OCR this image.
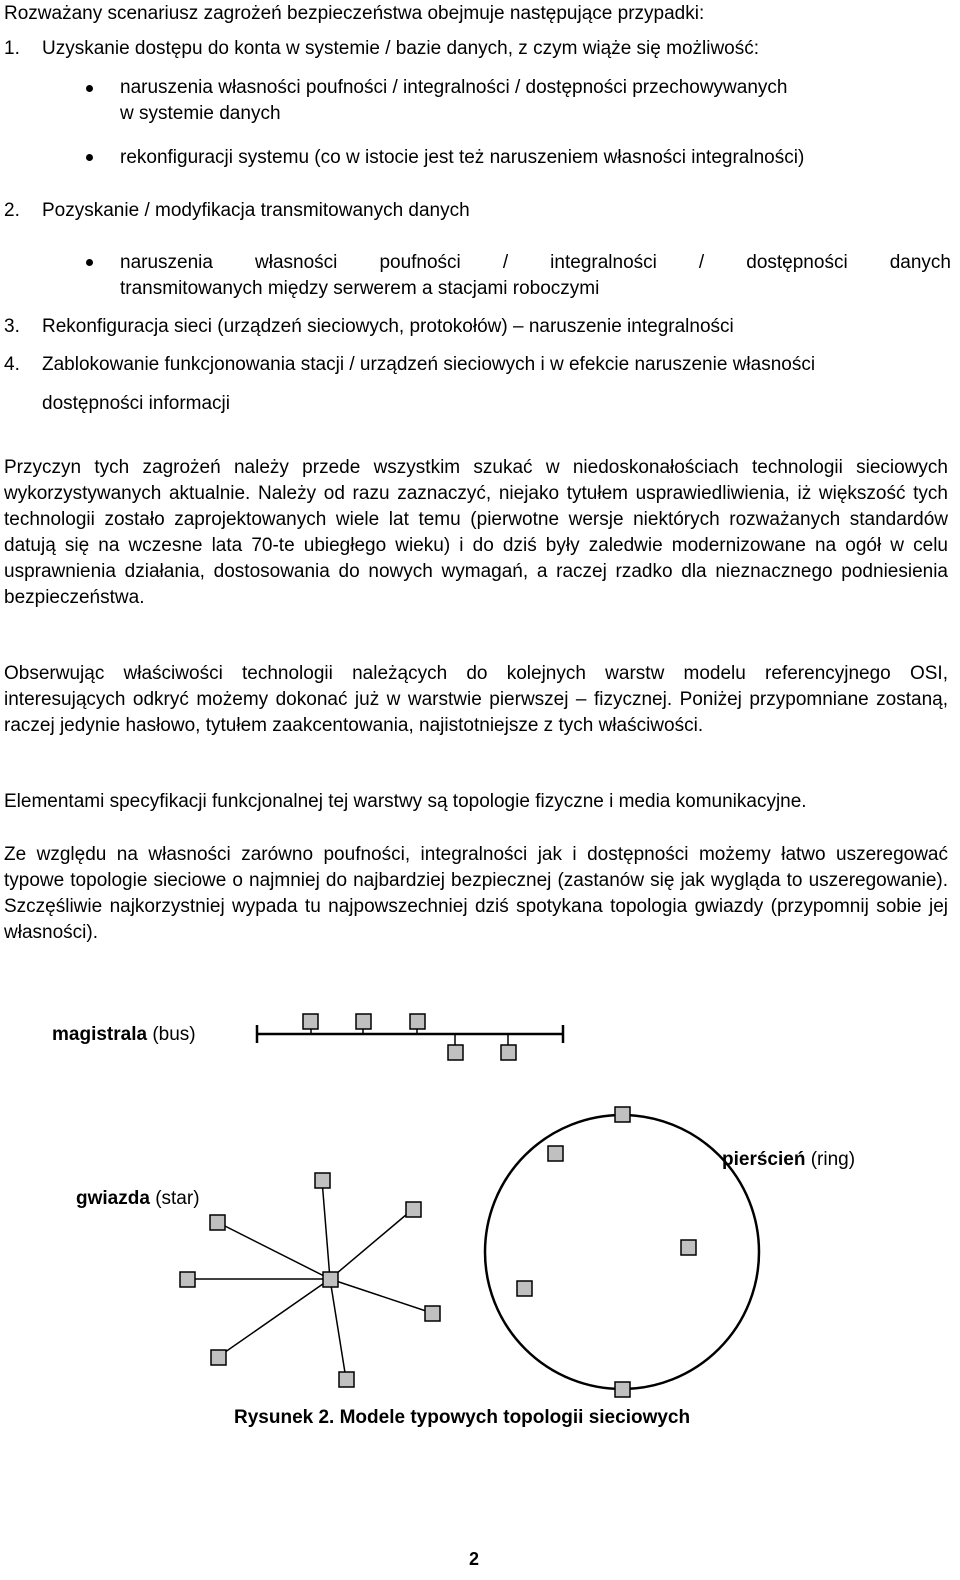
Rozważany scenariusz zagrożeń bezpieczeństwa obejmuje następujące przypadki:
1. Uzyskanie dostępu do konta w systemie / bazie danych, z czym wiąże się możliwość:
naruszenia własności poufności / integralności / dostępności przechowywanych
w systemie danych
rekonfiguracji systemu (co w istocie jest też naruszeniem własności integralności)
2. Pozyskanie / modyfikacja transmitowanych danych
naruszenia własności poufności / integralności / dostępności danych
transmitowanych między serwerem a stacjami roboczymi
3. Rekonfiguracja sieci (urządzeń sieciowych, protokołów) – naruszenie integralności
4. Zablokowanie funkcjonowania stacji / urządzeń sieciowych i w efekcie naruszenie własności
dostępności informacji

Przyczyn tych zagrożeń należy przede wszystkim szukać w niedoskonałościach technologii sieciowych wykorzystywanych aktualnie. Należy od razu zaznaczyć, niejako tytułem usprawiedliwienia, iż większość tych technologii zostało zaprojektowanych wiele lat temu (pierwotne wersje niektórych rozważanych standardów datują się na wczesne lata 70-te ubiegłego wieku) i do dziś były zaledwie modernizowane na ogół w celu usprawnienia działania, dostosowania do nowych wymagań, a raczej rzadko dla nieznacznego podniesienia bezpieczeństwa.

Obserwując właściwości technologii należących do kolejnych warstw modelu referencyjnego OSI, interesujących odkryć możemy dokonać już w warstwie pierwszej – fizycznej. Poniżej przypomniane zostaną, raczej jedynie hasłowo, tytułem zaakcentowania, najistotniejsze z tych właściwości.

Elementami specyfikacji funkcjonalnej tej warstwy są topologie fizyczne i media komunikacyjne.

Ze względu na własności zarówno poufności, integralności jak i dostępności możemy łatwo uszeregować typowe topologie sieciowe o najmniej do najbardziej bezpiecznej (zastanów się jak wygląda to uszeregowanie). Szczęśliwie najkorzystniej wypada tu najpowszechniej dziś spotykana topologia gwiazdy (przypomnij sobie jej własności).

magistrala (bus)
gwiazda (star)
pierścień (ring)
Rysunek 2. Modele typowych topologii sieciowych
2
